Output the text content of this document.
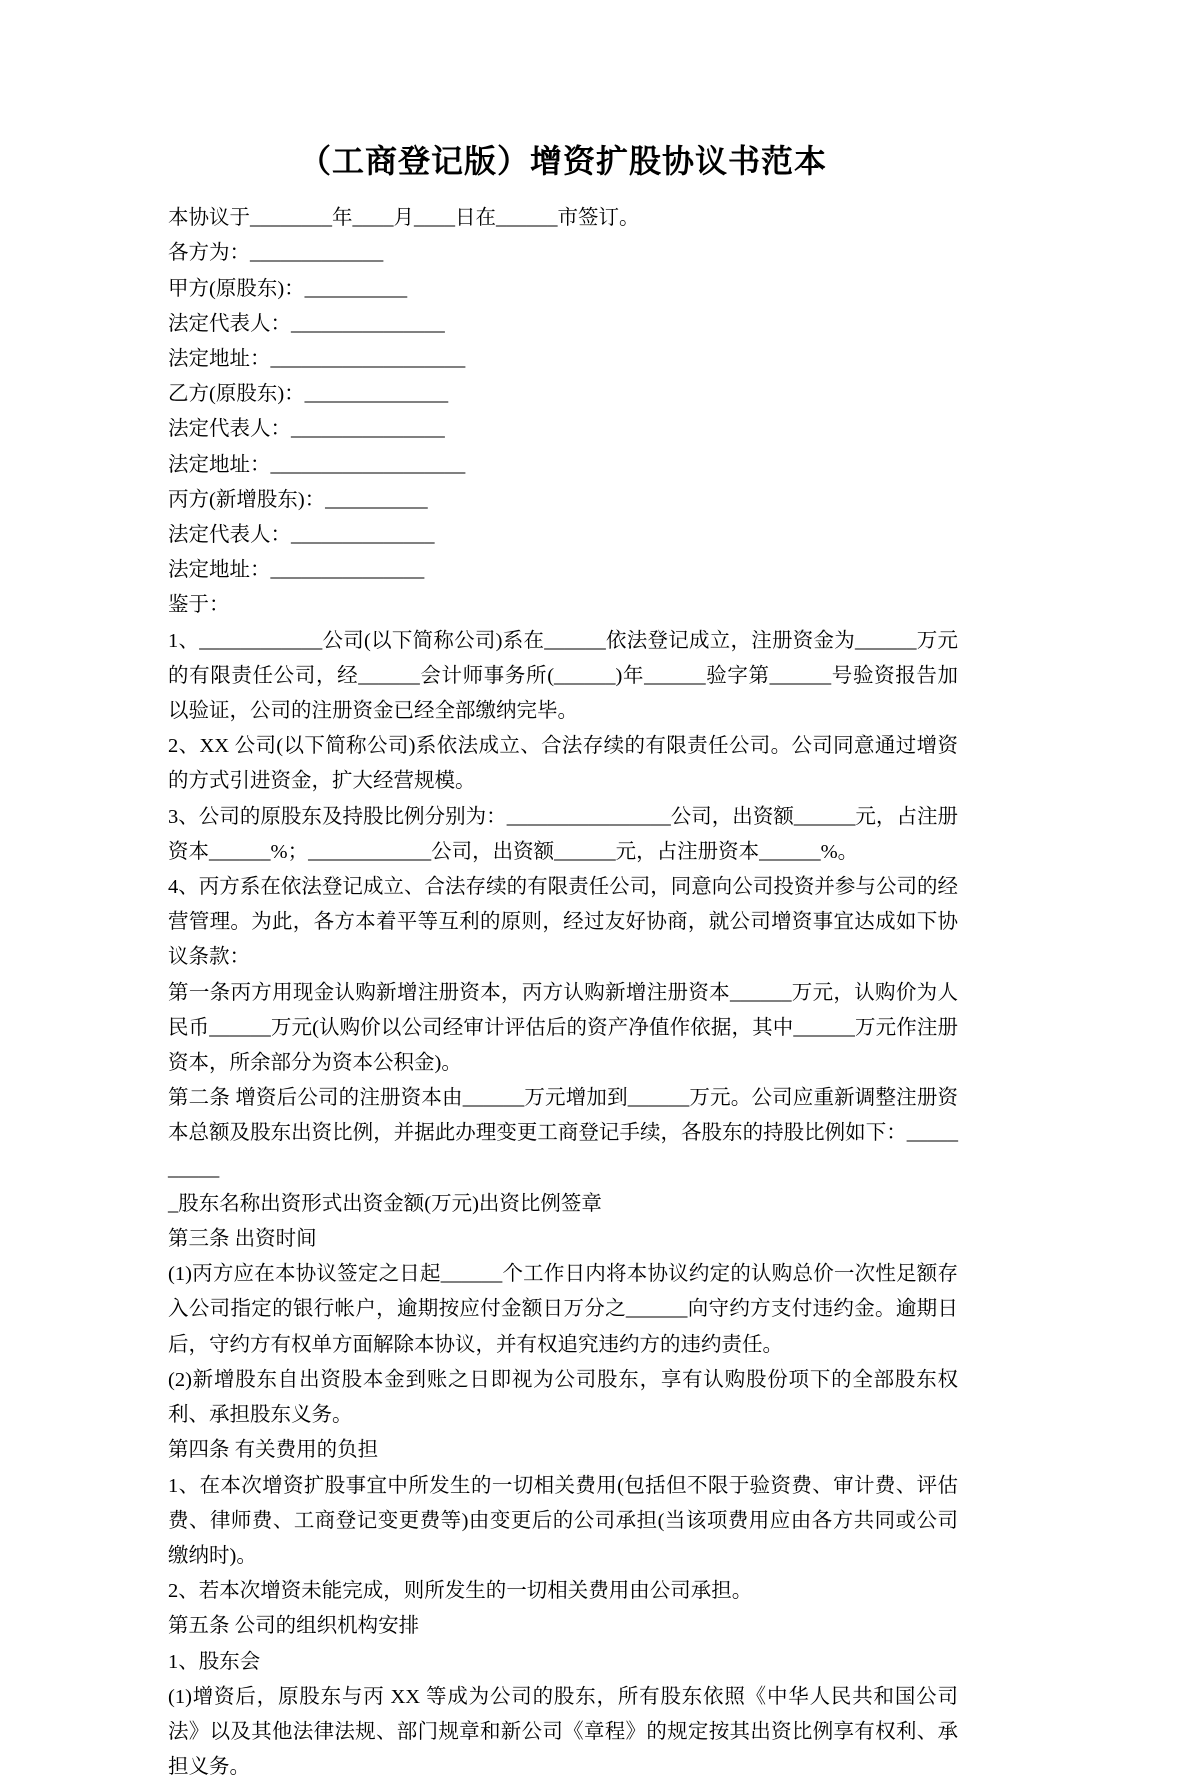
（工商登记版）增资扩股协议书范本

本协议于________年____月____日在______市签订。

各方为：_____________

甲方(原股东)：__________

法定代表人：_______________

法定地址：___________________

乙方(原股东)：______________

法定代表人：_______________

法定地址：___________________

丙方(新增股东)：__________

法定代表人：______________

法定地址：_______________

鉴于：

1、____________公司(以下简称公司)系在______依法登记成立，注册资金为______万元的有限责任公司，经______会计师事务所(______)年______验字第______号验资报告加以验证，公司的注册资金已经全部缴纳完毕。

2、XX 公司(以下简称公司)系依法成立、合法存续的有限责任公司。公司同意通过增资的方式引进资金，扩大经营规模。

3、公司的原股东及持股比例分别为：________________公司，出资额______元，占注册资本______%；____________公司，出资额______元，占注册资本______%。

4、丙方系在依法登记成立、合法存续的有限责任公司，同意向公司投资并参与公司的经营管理。为此，各方本着平等互利的原则，经过友好协商，就公司增资事宜达成如下协议条款：

第一条丙方用现金认购新增注册资本，丙方认购新增注册资本______万元，认购价为人民币______万元(认购价以公司经审计评估后的资产净值作依据，其中______万元作注册资本，所余部分为资本公积金)。

第二条 增资后公司的注册资本由______万元增加到______万元。公司应重新调整注册资本总额及股东出资比例，并据此办理变更工商登记手续，各股东的持股比例如下：__________

_股东名称出资形式出资金额(万元)出资比例签章

第三条 出资时间

(1)丙方应在本协议签定之日起______个工作日内将本协议约定的认购总价一次性足额存入公司指定的银行帐户，逾期按应付金额日万分之______向守约方支付违约金。逾期日后，守约方有权单方面解除本协议，并有权追究违约方的违约责任。

(2)新增股东自出资股本金到账之日即视为公司股东，享有认购股份项下的全部股东权利、承担股东义务。

第四条 有关费用的负担

1、在本次增资扩股事宜中所发生的一切相关费用(包括但不限于验资费、审计费、评估费、律师费、工商登记变更费等)由变更后的公司承担(当该项费用应由各方共同或公司缴纳时)。

2、若本次增资未能完成，则所发生的一切相关费用由公司承担。

第五条 公司的组织机构安排

1、股东会

(1)增资后，原股东与丙 XX 等成为公司的股东，所有股东依照《中华人民共和国公司法》以及其他法律法规、部门规章和新公司《章程》的规定按其出资比例享有权利、承担义务。
